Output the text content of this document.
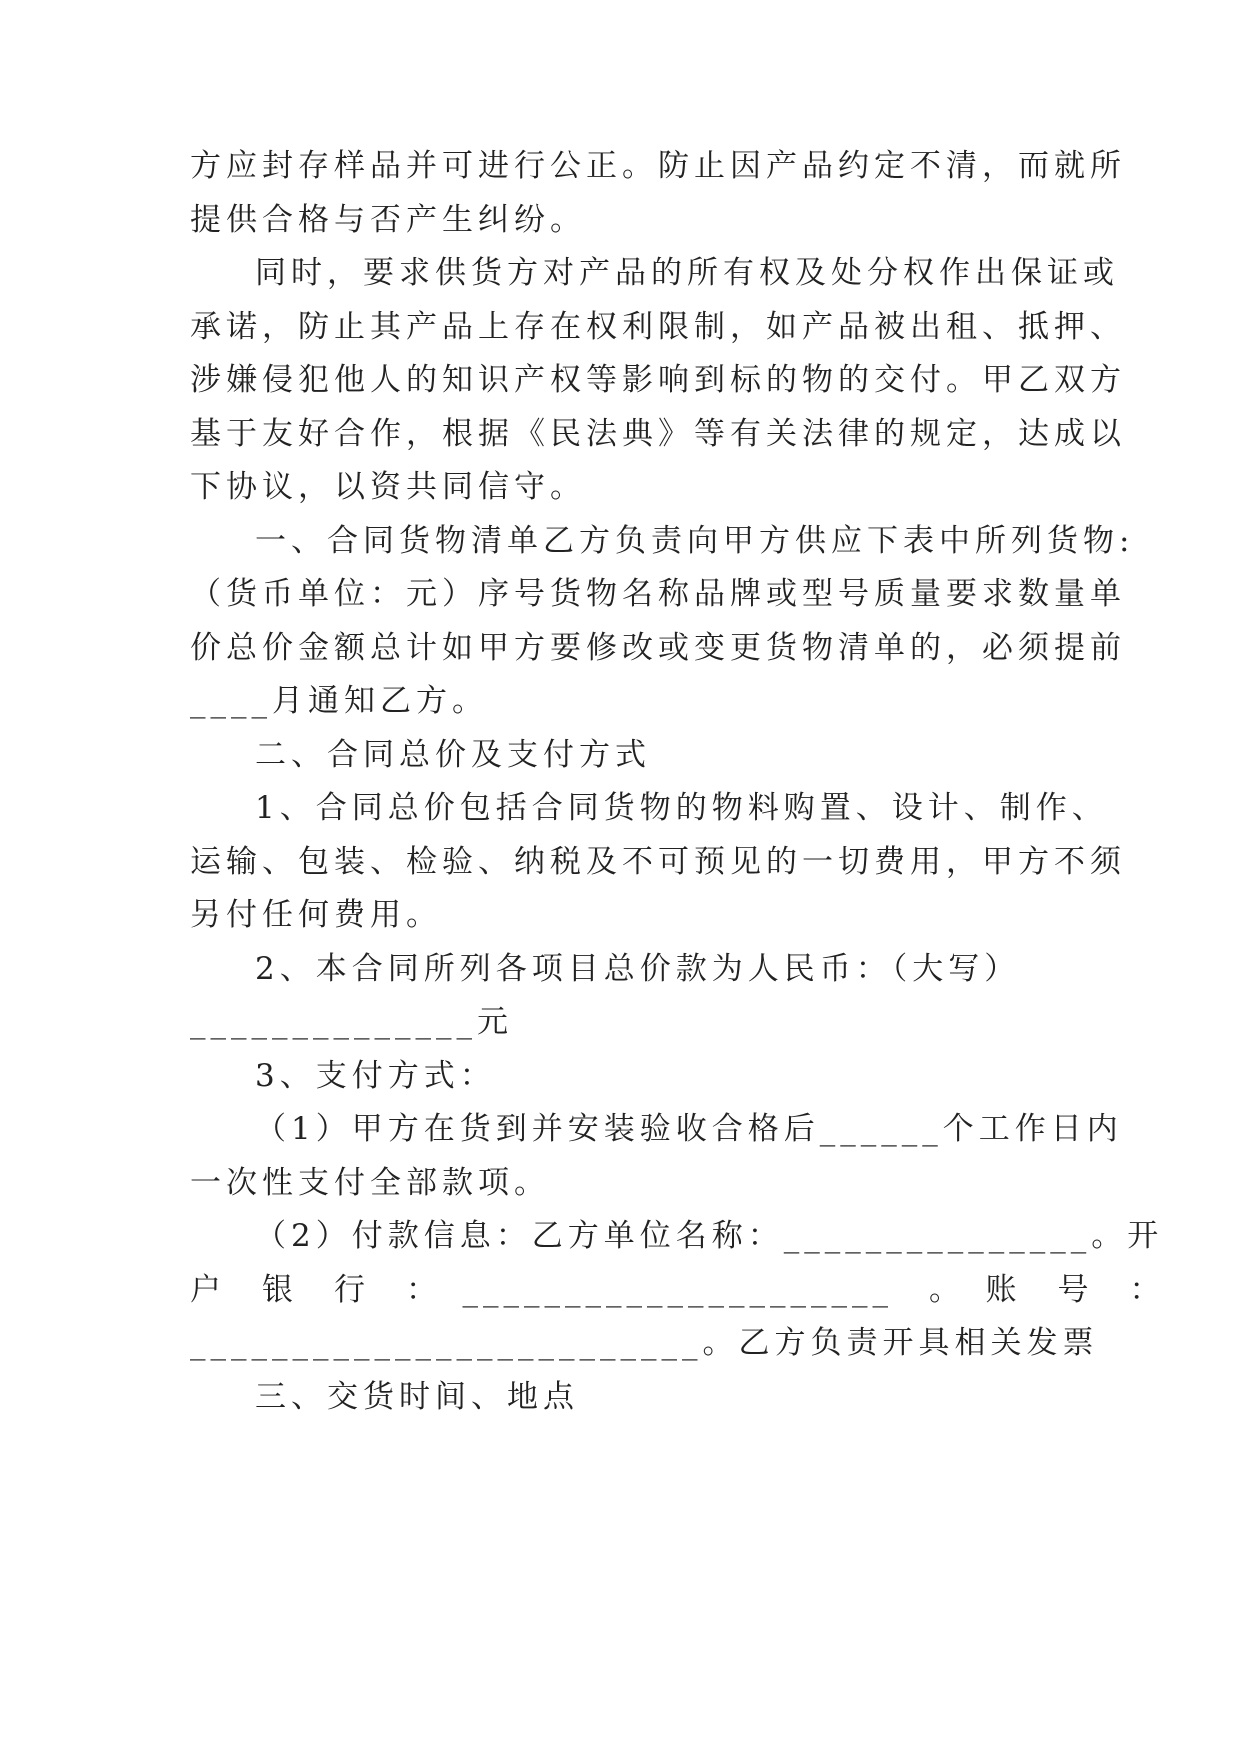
方应封存样品并可进行公正。防止因产品约定不清，而就所
提供合格与否产生纠纷。
同时，要求供货方对产品的所有权及处分权作出保证或
承诺，防止其产品上存在权利限制，如产品被出租、抵押、
涉嫌侵犯他人的知识产权等影响到标的物的交付。甲乙双方
基于友好合作，根据《民法典》等有关法律的规定，达成以
下协议，以资共同信守。
一、合同货物清单乙方负责向甲方供应下表中所列货物:
（货币单位：元）序号货物名称品牌或型号质量要求数量单
价总价金额总计如甲方要修改或变更货物清单的，必须提前
____月通知乙方。
二、合同总价及支付方式
1、合同总价包括合同货物的物料购置、设计、制作、
运输、包装、检验、纳税及不可预见的一切费用，甲方不须
另付任何费用。
2、本合同所列各项目总价款为人民币：（大写）
______________元
3、支付方式：
（1）甲方在货到并安装验收合格后______个工作日内
一次性支付全部款项。
（2）付款信息：乙方单位名称：_______________。开
户　银　行　：　_____________________　。　账　号　：
_________________________。乙方负责开具相关发票
三、交货时间、地点
